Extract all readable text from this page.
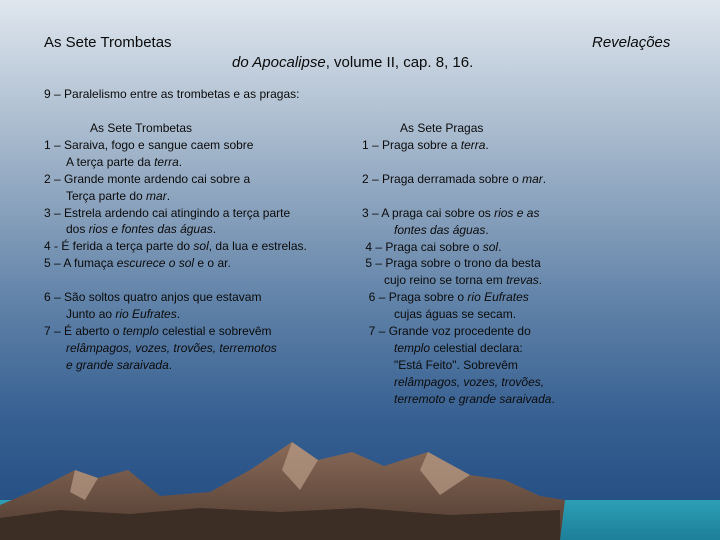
As Sete Trombetas	Revelações
do Apocalipse, volume II, cap. 8, 16.
9 – Paralelismo entre as trombetas e as pragas:
As Sete Trombetas
1 – Saraiva, fogo e sangue caem sobre
A terça parte da terra.
2 – Grande monte ardendo cai sobre a
Terça parte do mar.
3 – Estrela ardendo cai atingindo a terça parte
dos rios e fontes das águas.
4 - É ferida a terça parte do sol, da lua e estrelas.
5 – A fumaça escurece o sol e o ar.
6 – São soltos quatro anjos que estavam
Junto ao rio Eufrates.
7 – É aberto o templo celestial e sobrevêm
relâmpagos, vozes, trovões, terremotos
e grande saraivada.
As Sete Pragas
1 – Praga sobre a terra.
2 – Praga derramada sobre o mar.
3 – A praga cai sobre os rios e as
fontes das águas.
4 – Praga cai sobre o sol.
5 – Praga sobre o trono da besta
cujo reino se torna em trevas.
6 – Praga sobre o rio Eufrates
cujas águas se secam.
7 – Grande voz procedente do
templo celestial declara:
"Está Feito". Sobrevêm
relâmpagos, vozes, trovões,
terremoto e grande saraivada.
